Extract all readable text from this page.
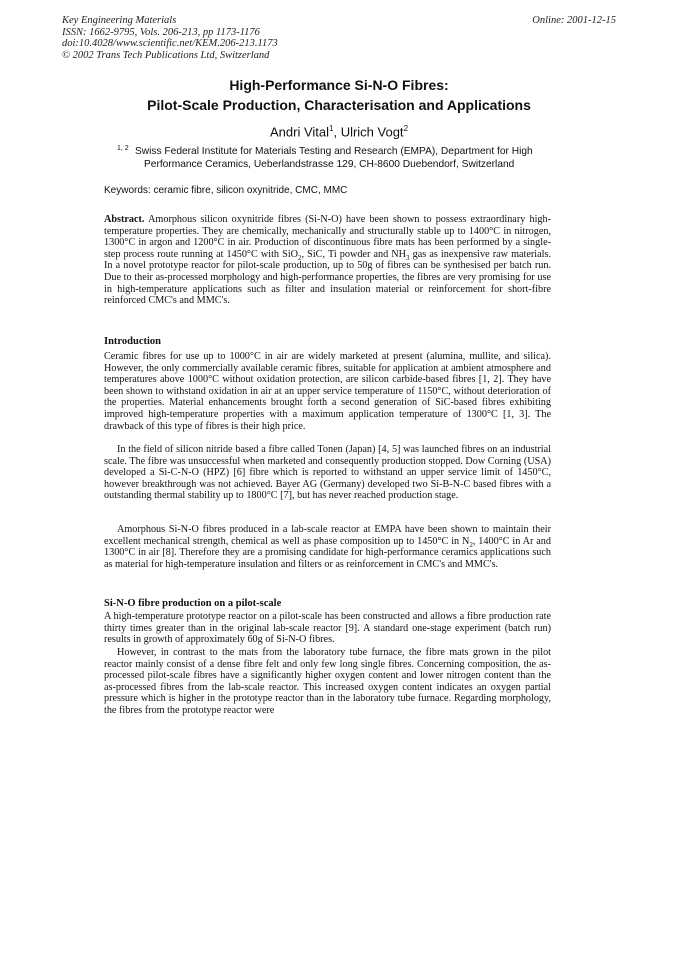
Key Engineering Materials
ISSN: 1662-9795, Vols. 206-213, pp 1173-1176
doi:10.4028/www.scientific.net/KEM.206-213.1173
© 2002 Trans Tech Publications Ltd, Switzerland
Online: 2001-12-15
High-Performance Si-N-O Fibres:
Pilot-Scale Production, Characterisation and Applications
Andri Vital$^1$, Ulrich Vogt$^2$
1, 2 Swiss Federal Institute for Materials Testing and Research (EMPA), Department for High
Performance Ceramics, Ueberlandstrasse 129, CH-8600 Duebendorf, Switzerland
Keywords: ceramic fibre, silicon oxynitride, CMC, MMC
Abstract. Amorphous silicon oxynitride fibres (Si-N-O) have been shown to possess extraordinary high-temperature properties. They are chemically, mechanically and structurally stable up to 1400°C in nitrogen, 1300°C in argon and 1200°C in air. Production of discontinuous fibre mats has been performed by a single-step process route running at 1450°C with SiO$_2$, SiC, Ti powder and $NH_3$ gas as inexpensive raw materials. In a novel prototype reactor for pilot-scale production, up to 50g of fibres can be synthesised per batch run. Due to their as-processed morphology and high-performance properties, the fibres are very promising for use in high-temperature applications such as filter and insulation material or reinforcement for short-fibre reinforced CMC's and MMC's.
Introduction
Ceramic fibres for use up to 1000°C in air are widely marketed at present (alumina, mullite, and silica). However, the only commercially available ceramic fibres, suitable for application at ambient atmosphere and temperatures above 1000°C without oxidation protection, are silicon carbide-based fibres [1, 2]. They have been shown to withstand oxidation in air at an upper service temperature of 1150°C, without deterioration of the properties. Material enhancements brought forth a second generation of SiC-based fibres exhibiting improved high-temperature properties with a maximum application temperature of 1300°C [1, 3]. The drawback of this type of fibres is their high price.
In the field of silicon nitride based a fibre called Tonen (Japan) [4, 5] was launched fibres on an industrial scale. The fibre was unsuccessful when marketed and consequently production stopped. Dow Corning (USA) developed a Si-C-N-O (HPZ) [6] fibre which is reported to withstand an upper service limit of 1450°C, however breakthrough was not achieved. Bayer AG (Germany) developed two Si-B-N-C based fibres with a outstanding thermal stability up to 1800°C [7], but has never reached production stage.
Amorphous Si-N-O fibres produced in a lab-scale reactor at EMPA have been shown to maintain their excellent mechanical strength, chemical as well as phase composition up to 1450°C in $N_2$, 1400°C in Ar and 1300°C in air [8]. Therefore they are a promising candidate for high-performance ceramics applications such as material for high-temperature insulation and filters or as reinforcement in CMC's and MMC's.
Si-N-O fibre production on a pilot-scale
A high-temperature prototype reactor on a pilot-scale has been constructed and allows a fibre production rate thirty times greater than in the original lab-scale reactor [9]. A standard one-stage experiment (batch run) results in growth of approximately 60g of Si-N-O fibres.
However, in contrast to the mats from the laboratory tube furnace, the fibre mats grown in the pilot reactor mainly consist of a dense fibre felt and only few long single fibres. Concerning composition, the as-processed pilot-scale fibres have a significantly higher oxygen content and lower nitrogen content than the as-processed fibres from the lab-scale reactor. This increased oxygen content indicates an oxygen partial pressure which is higher in the prototype reactor than in the laboratory tube furnace. Regarding morphology, the fibres from the prototype reactor were
